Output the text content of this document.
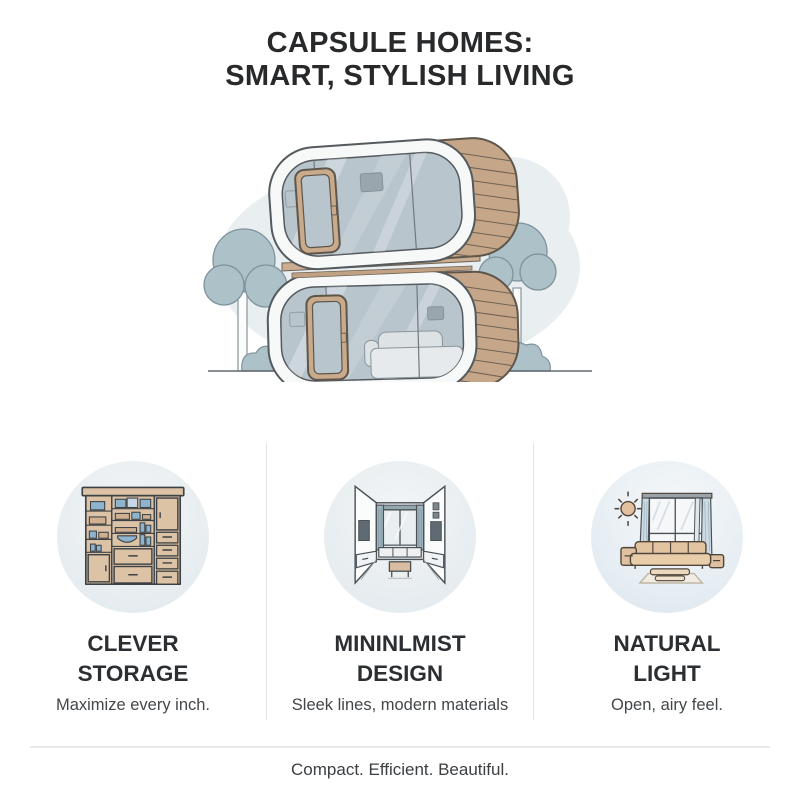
CAPSULE HOMES:
SMART, STYLISH LIVING
CLEVER
STORAGE
Maximize every inch.
MININLMIST
DESIGN
Sleek lines, modern materials
NATURAL
LIGHT
Open, airy feel.
Compact. Efficient. Beautiful.
